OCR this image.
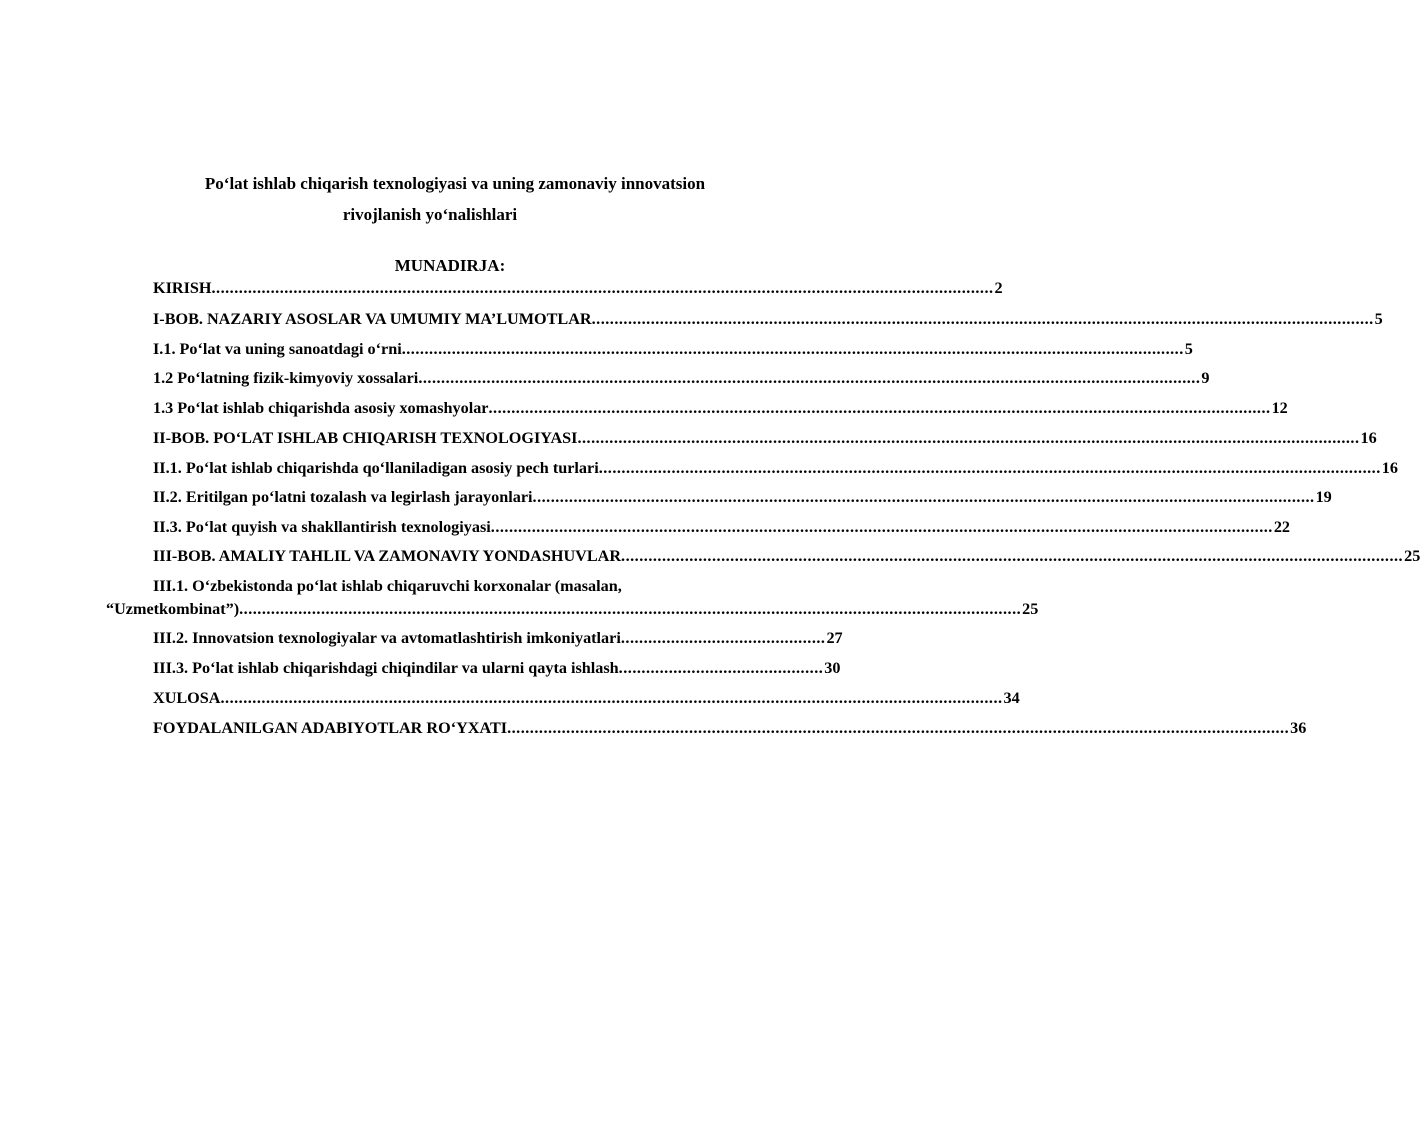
Po‘lat ishlab chiqarish texnologiyasi va uning zamonaviy innovatsion

rivojlanish yo‘nalishlari

MUNADIRJA:

KIRISH ............................................................................................................................................................................ 2
I-BOB. NAZARIY ASOSLAR VA UMUMIY MA’LUMOTLAR ............................................................................................................................................................................ 5
I.1. Po‘lat va uning sanoatdagi o‘rni ............................................................................................................................................................................ 5
1.2 Po‘latning fizik-kimyoviy xossalari ............................................................................................................................................................................ 9
1.3 Po‘lat ishlab chiqarishda asosiy xomashyolar ............................................................................................................................................................................ 12
II-BOB. PO‘LAT ISHLAB CHIQARISH TEXNOLOGIYASI ............................................................................................................................................................................ 16
II.1. Po‘lat ishlab chiqarishda qo‘llaniladigan asosiy pech turlari ............................................................................................................................................................................ 16
II.2. Eritilgan po‘latni tozalash va legirlash jarayonlari ............................................................................................................................................................................ 19
II.3. Po‘lat quyish va shakllantirish texnologiyasi ............................................................................................................................................................................ 22
III-BOB. AMALIY TAHLIL VA ZAMONAVIY YONDASHUVLAR ............................................................................................................................................................................ 25
III.1. O‘zbekistonda po‘lat ishlab chiqaruvchi korxonalar (masalan,
“Uzmetkombinat”) ............................................................................................................................................................................ 25
III.2. Innovatsion texnologiyalar va avtomatlashtirish imkoniyatlari ............................................. 27
III.3. Po‘lat ishlab chiqarishdagi chiqindilar va ularni qayta ishlash ............................................. 30
XULOSA ............................................................................................................................................................................ 34
FOYDALANILGAN ADABIYOTLAR RO‘YXATI ............................................................................................................................................................................ 36
